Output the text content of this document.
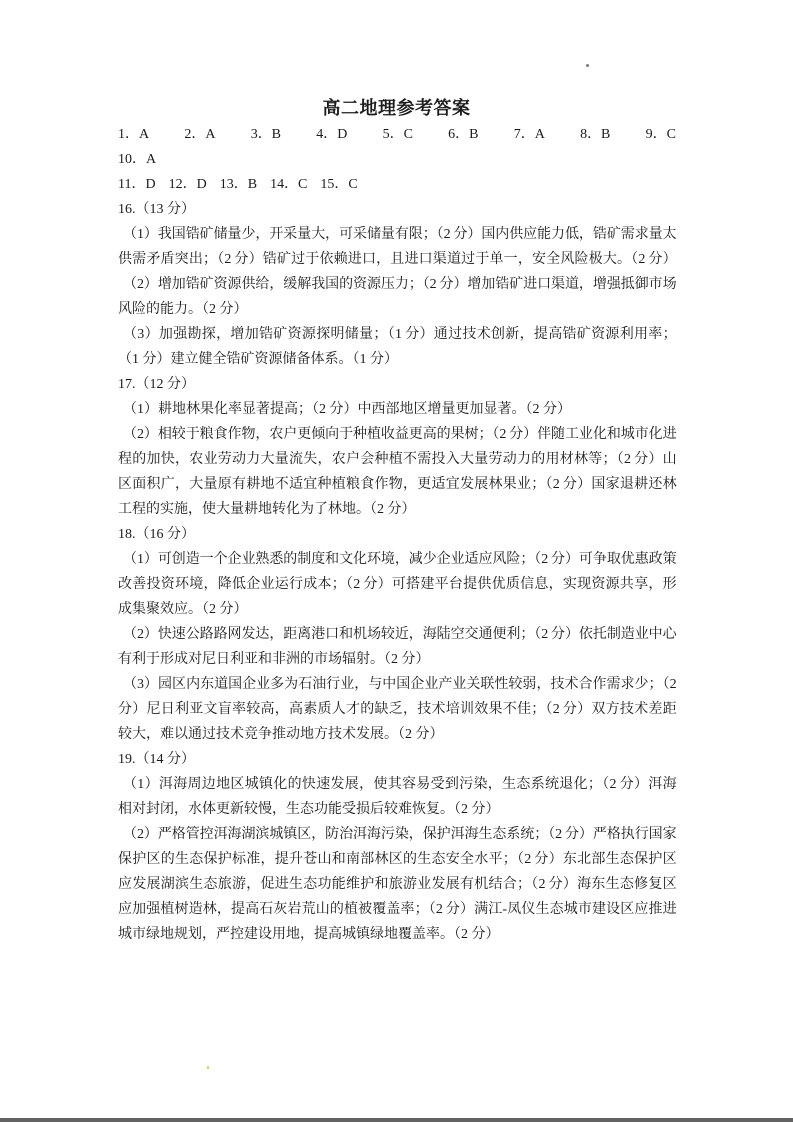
高二地理参考答案
1．A	2．A	3．B	4．D	5．C	6．B	7．A	8．B	9．C
10．A
11．D 12．D 13．B 14．C 15．C
16.（13 分）
（1）我国锆矿储量少，开采量大，可采储量有限；（2 分）国内供应能力低，锆矿需求量太
供需矛盾突出；（2 分）锆矿过于依赖进口，且进口渠道过于单一，安全风险极大。（2 分）
（2）增加锆矿资源供给，缓解我国的资源压力；（2 分）增加锆矿进口渠道，增强抵御市场
风险的能力。（2 分）
（3）加强勘探，增加锆矿资源探明储量；（1 分）通过技术创新，提高锆矿资源利用率；
（1 分）建立健全锆矿资源储备体系。（1 分）
17.（12 分）
（1）耕地林果化率显著提高；（2 分）中西部地区增量更加显著。（2 分）
（2）相较于粮食作物，农户更倾向于种植收益更高的果树；（2 分）伴随工业化和城市化进
程的加快，农业劳动力大量流失，农户会种植不需投入大量劳动力的用材林等；（2 分）山
区面积广，大量原有耕地不适宜种植粮食作物，更适宜发展林果业；（2 分）国家退耕还林
工程的实施，使大量耕地转化为了林地。（2 分）
18.（16 分）
（1）可创造一个企业熟悉的制度和文化环境，减少企业适应风险；（2 分）可争取优惠政策
改善投资环境，降低企业运行成本；（2 分）可搭建平台提供优质信息，实现资源共享，形
成集聚效应。（2 分）
（2）快速公路路网发达，距离港口和机场较近，海陆空交通便利；（2 分）依托制造业中心
有利于形成对尼日利亚和非洲的市场辐射。（2 分）
（3）园区内东道国企业多为石油行业，与中国企业产业关联性较弱，技术合作需求少；（2
分）尼日利亚文盲率较高，高素质人才的缺乏，技术培训效果不佳；（2 分）双方技术差距
较大，难以通过技术竞争推动地方技术发展。（2 分）
19.（14 分）
（1）洱海周边地区城镇化的快速发展，使其容易受到污染，生态系统退化；（2 分）洱海
相对封闭，水体更新较慢，生态功能受损后较难恢复。（2 分）
（2）严格管控洱海湖滨城镇区，防治洱海污染，保护洱海生态系统；（2 分）严格执行国家
保护区的生态保护标准，提升苍山和南部林区的生态安全水平；（2 分）东北部生态保护区
应发展湖滨生态旅游，促进生态功能维护和旅游业发展有机结合；（2 分）海东生态修复区
应加强植树造林，提高石灰岩荒山的植被覆盖率；（2 分）满江-凤仪生态城市建设区应推进
城市绿地规划，严控建设用地，提高城镇绿地覆盖率。（2 分）
